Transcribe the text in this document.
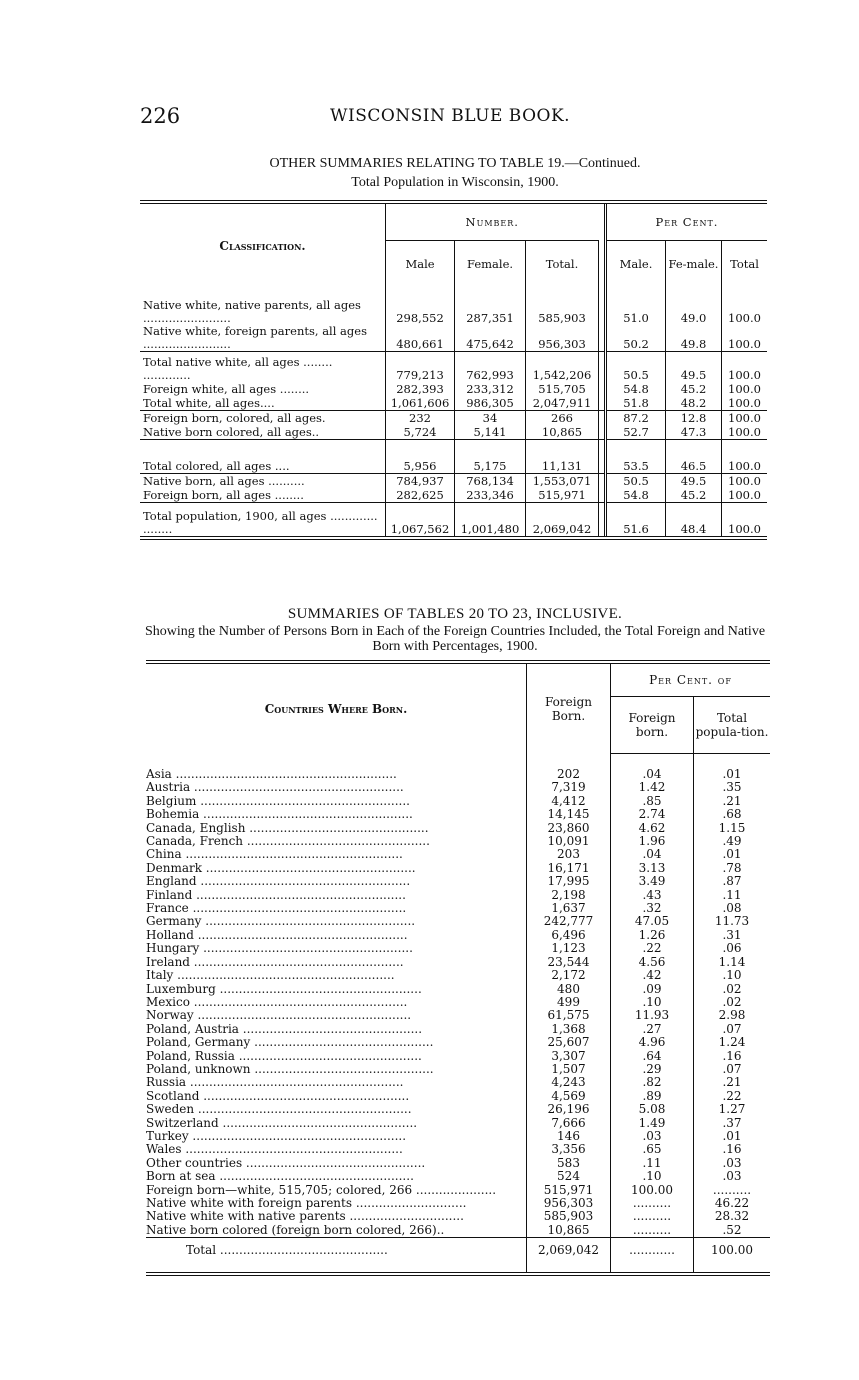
226	WISCONSIN BLUE BOOK.
OTHER SUMMARIES RELATING TO TABLE 19.—Continued.
Total Population in Wisconsin, 1900.
Classification.	Number.				Per Cent.		
	Male	Female.	Total.		Male.	Fe-male.	Total
Native white, native parents, all ages ........................	298,552	287,351	585,903		51.0	49.0	100.0
Native white, foreign parents, all ages ........................	480,661	475,642	956,303		50.2	49.8	100.0
Total native white, all ages ........ .............	779,213	762,993	1,542,206		50.5	49.5	100.0
Foreign white, all ages ........	282,393	233,312	515,705		54.8	45.2	100.0
Total white, all ages....	1,061,606	986,305	2,047,911		51.8	48.2	100.0
Foreign born, colored, all ages.	232	34	266		87.2	12.8	100.0
Native born colored, all ages..	5,724	5,141	10,865		52.7	47.3	100.0
Total colored, all ages ....	5,956	5,175	11,131		53.5	46.5	100.0
Native born, all ages ..........	784,937	768,134	1,553,071		50.5	49.5	100.0
Foreign born, all ages ........	282,625	233,346	515,971		54.8	45.2	100.0
Total population, 1900, all ages ............. ........	1,067,562	1,001,480	2,069,042		51.6	48.4	100.0
SUMMARIES OF TABLES 20 TO 23, INCLUSIVE.
Showing the Number of Persons Born in Each of the Foreign Countries Included, the Total Foreign and Native Born with Percentages, 1900.
Countries Where Born.	Foreign Born.	Per Cent. of	
		Foreign born.	Total popula-tion.
Asia ..........................................................	202	.04	.01
Austria .......................................................	7,319	1.42	.35
Belgium .......................................................	4,412	.85	.21
Bohemia .......................................................	14,145	2.74	.68
Canada, English ...............................................	23,860	4.62	1.15
Canada, French ................................................	10,091	1.96	.49
China .........................................................	203	.04	.01
Denmark .......................................................	16,171	3.13	.78
England .......................................................	17,995	3.49	.87
Finland .......................................................	2,198	.43	.11
France ........................................................	1,637	.32	.08
Germany .......................................................	242,777	47.05	11.73
Holland .......................................................	6,496	1.26	.31
Hungary .......................................................	1,123	.22	.06
Ireland .......................................................	23,544	4.56	1.14
Italy .........................................................	2,172	.42	.10
Luxemburg .....................................................	480	.09	.02
Mexico ........................................................	499	.10	.02
Norway ........................................................	61,575	11.93	2.98
Poland, Austria ...............................................	1,368	.27	.07
Poland, Germany ...............................................	25,607	4.96	1.24
Poland, Russia ................................................	3,307	.64	.16
Poland, unknown ...............................................	1,507	.29	.07
Russia ........................................................	4,243	.82	.21
Scotland ......................................................	4,569	.89	.22
Sweden ........................................................	26,196	5.08	1.27
Switzerland ...................................................	7,666	1.49	.37
Turkey ........................................................	146	.03	.01
Wales .........................................................	3,356	.65	.16
Other countries ...............................................	583	.11	.03
Born at sea ...................................................	524	.10	.03
Foreign born—white, 515,705; colored, 266 .....................	515,971	100.00	..........
Native white with foreign parents .............................	956,303	..........	46.22
Native white with native parents ..............................	585,903	..........	28.32
Native born colored (foreign born colored, 266)..	10,865	..........	.52
Total ............................................	2,069,042	............	100.00
